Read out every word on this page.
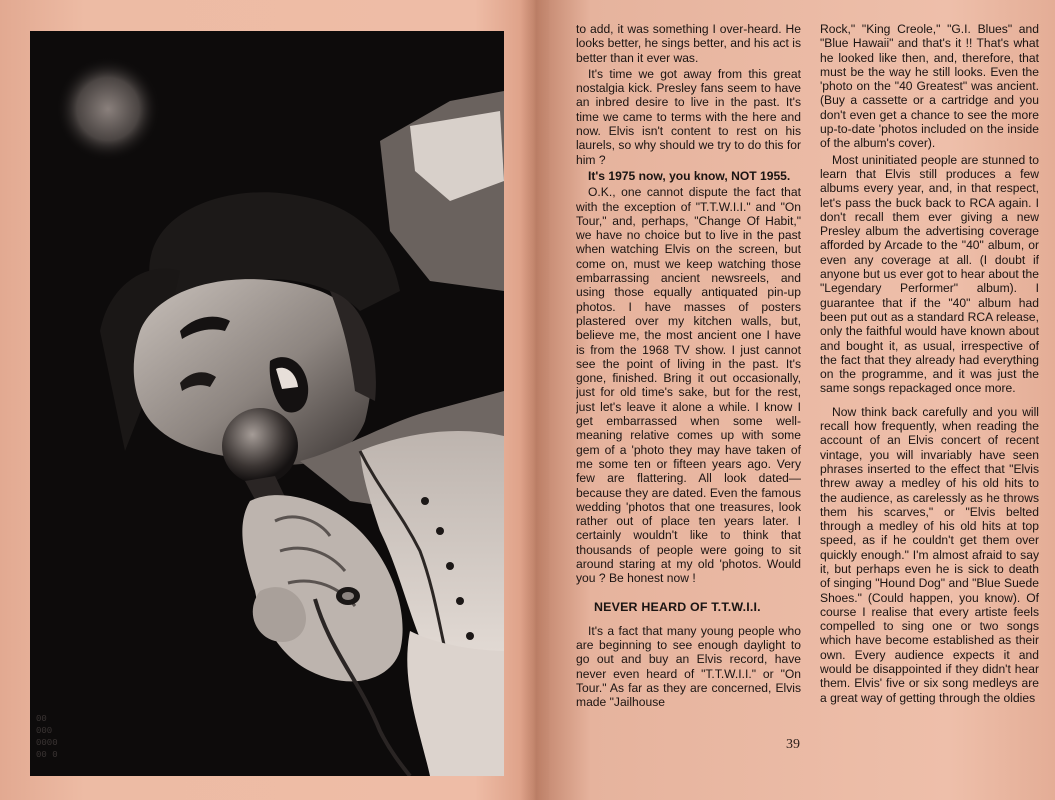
00
000
0000
00 0

to add, it was something I over-heard. He looks better, he sings better, and his act is better than it ever was.

It's time we got away from this great nostalgia kick. Presley fans seem to have an inbred desire to live in the past. It's time we came to terms with the here and now. Elvis isn't content to rest on his laurels, so why should we try to do this for him ?

It's 1975 now, you know, NOT 1955.

O.K., one cannot dispute the fact that with the exception of "T.T.W.I.I." and "On Tour," and, perhaps, "Change Of Habit," we have no choice but to live in the past when watching Elvis on the screen, but come on, must we keep watching those embarrassing ancient newsreels, and using those equally antiquated pin-up photos. I have masses of posters plastered over my kitchen walls, but, believe me, the most ancient one I have is from the 1968 TV show. I just cannot see the point of living in the past. It's gone, finished. Bring it out occasionally, just for old time's sake, but for the rest, just let's leave it alone a while. I know I get embarrassed when some well-meaning relative comes up with some gem of a 'photo they may have taken of me some ten or fifteen years ago. Very few are flattering. All look dated—because they are dated. Even the famous wedding 'photos that one treasures, look rather out of place ten years later. I certainly wouldn't like to think that thousands of people were going to sit around staring at my old 'photos. Would you ? Be honest now !

NEVER HEARD OF T.T.W.I.I.

It's a fact that many young people who are beginning to see enough daylight to go out and buy an Elvis record, have never even heard of "T.T.W.I.I." or "On Tour." As far as they are concerned, Elvis made "Jailhouse

Rock," "King Creole," "G.I. Blues" and "Blue Hawaii" and that's it !! That's what he looked like then, and, therefore, that must be the way he still looks. Even the 'photo on the "40 Greatest" was ancient. (Buy a cassette or a cartridge and you don't even get a chance to see the more up-to-date 'photos included on the inside of the album's cover).

Most uninitiated people are stunned to learn that Elvis still produces a few albums every year, and, in that respect, let's pass the buck back to RCA again. I don't recall them ever giving a new Presley album the advertising coverage afforded by Arcade to the "40" album, or even any coverage at all. (I doubt if anyone but us ever got to hear about the "Legendary Performer" album). I guarantee that if the "40" album had been put out as a standard RCA release, only the faithful would have known about and bought it, as usual, irrespective of the fact that they already had everything on the programme, and it was just the same songs repackaged once more.

Now think back carefully and you will recall how frequently, when reading the account of an Elvis concert of recent vintage, you will invariably have seen phrases inserted to the effect that "Elvis threw away a medley of his old hits to the audience, as carelessly as he throws them his scarves," or "Elvis belted through a medley of his old hits at top speed, as if he couldn't get them over quickly enough." I'm almost afraid to say it, but perhaps even he is sick to death of singing "Hound Dog" and "Blue Suede Shoes." (Could happen, you know). Of course I realise that every artiste feels compelled to sing one or two songs which have become established as their own. Every audience expects it and would be disappointed if they didn't hear them. Elvis' five or six song medleys are a great way of getting through the oldies

39
